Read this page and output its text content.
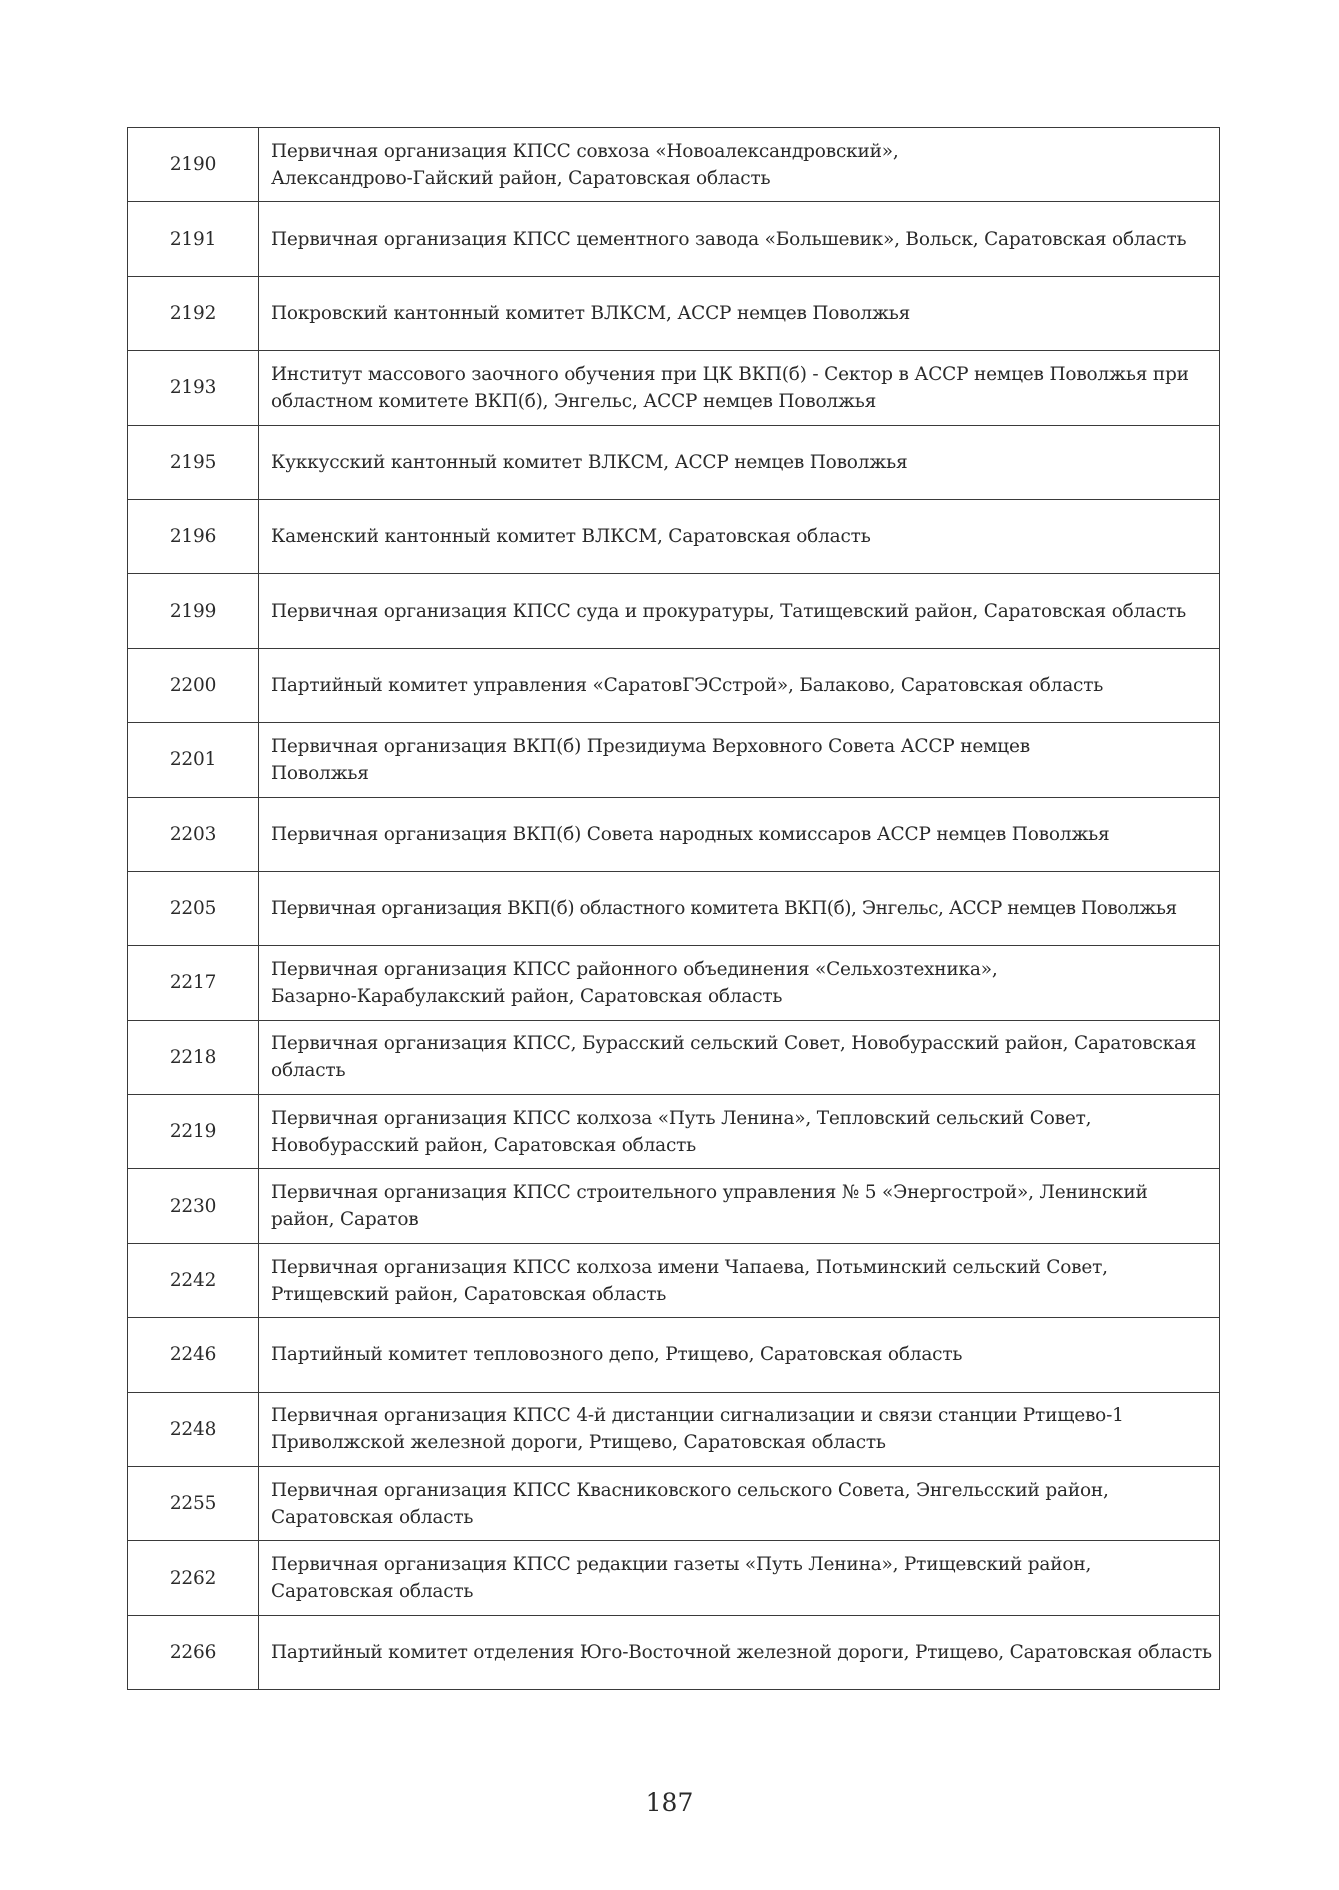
2190	Первичная организация КПСС совхоза «Новоалександровский»,
Александрово-Гайский район, Саратовская область

2191	Первичная организация КПСС цементного завода «Большевик», Вольск, Саратовская область

2192	Покровский кантонный комитет ВЛКСМ, АССР немцев Поволжья

2193	Институт массового заочного обучения при ЦК ВКП(б) - Сектор в АССР немцев Поволжья при областном комитете ВКП(б), Энгельс, АССР немцев Поволжья

2195	Куккусский кантонный комитет ВЛКСМ, АССР немцев Поволжья

2196	Каменский кантонный комитет ВЛКСМ, Саратовская область

2199	Первичная организация КПСС суда и прокуратуры, Татищевский район, Саратовская область

2200	Партийный комитет управления «СаратовГЭСстрой», Балаково, Саратовская область

2201	Первичная организация ВКП(б) Президиума Верховного Совета АССР немцев
Поволжья

2203	Первичная организация ВКП(б) Совета народных комиссаров АССР немцев Поволжья

2205	Первичная организация ВКП(б) областного комитета ВКП(б), Энгельс, АССР немцев Поволжья

2217	Первичная организация КПСС районного объединения «Сельхозтехника»,
Базарно-Карабулакский район, Саратовская область

2218	Первичная организация КПСС, Бурасский сельский Совет, Новобурасский район, Саратовская область

2219	Первичная организация КПСС колхоза «Путь Ленина», Тепловский сельский Совет,
Новобурасский район, Саратовская область

2230	Первичная организация КПСС строительного управления № 5 «Энергострой», Ленинский район, Саратов

2242	Первичная организация КПСС колхоза имени Чапаева, Потьминский сельский Совет,
Ртищевский район, Саратовская область

2246	Партийный комитет тепловозного депо, Ртищево, Саратовская область

2248	Первичная организация КПСС 4-й дистанции сигнализации и связи станции Ртищево-1
Приволжской железной дороги, Ртищево, Саратовская область

2255	Первичная организация КПСС Квасниковского сельского Совета, Энгельсский район,
Саратовская область

2262	Первичная организация КПСС редакции газеты «Путь Ленина», Ртищевский район,
Саратовская область

2266	Партийный комитет отделения Юго-Восточной железной дороги, Ртищево, Саратовская область
187
